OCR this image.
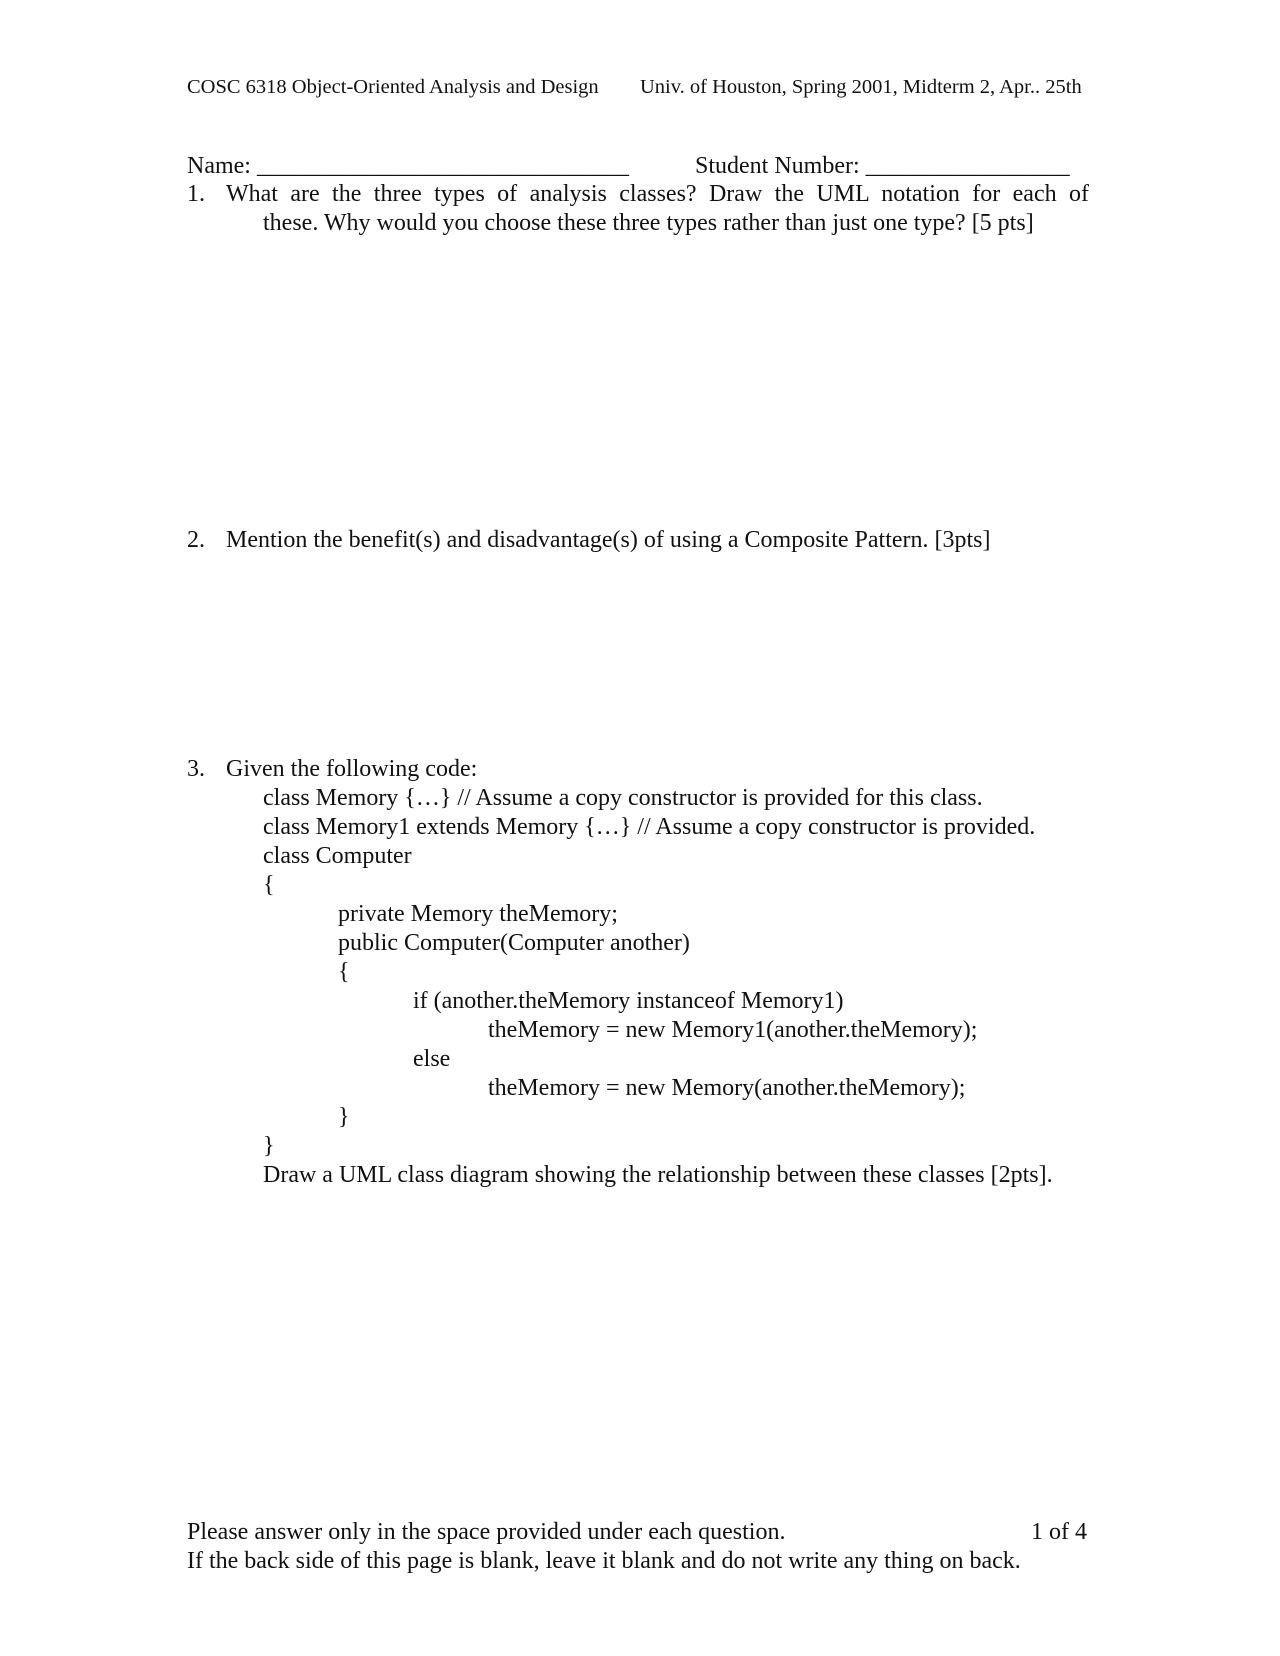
COSC 6318 Object-Oriented Analysis and Design Univ. of Houston, Spring 2001, Midterm 2, Apr.. 25th
Name: _______________________________	Student Number: _________________
1. What are the three types of analysis classes? Draw the UML notation for each of
these. Why would you choose these three types rather than just one type? [5 pts]
2. Mention the benefit(s) and disadvantage(s) of using a Composite Pattern. [3pts]
3. Given the following code:
class Memory {…} // Assume a copy constructor is provided for this class.
class Memory1 extends Memory {…} // Assume a copy constructor is provided.
class Computer
{
private Memory theMemory;
public Computer(Computer another)
{
if (another.theMemory instanceof Memory1)
theMemory = new Memory1(another.theMemory);
else
theMemory = new Memory(another.theMemory);
}
}
Draw a UML class diagram showing the relationship between these classes [2pts].
Please answer only in the space provided under each question.	1 of 4
If the back side of this page is blank, leave it blank and do not write any thing on back.
